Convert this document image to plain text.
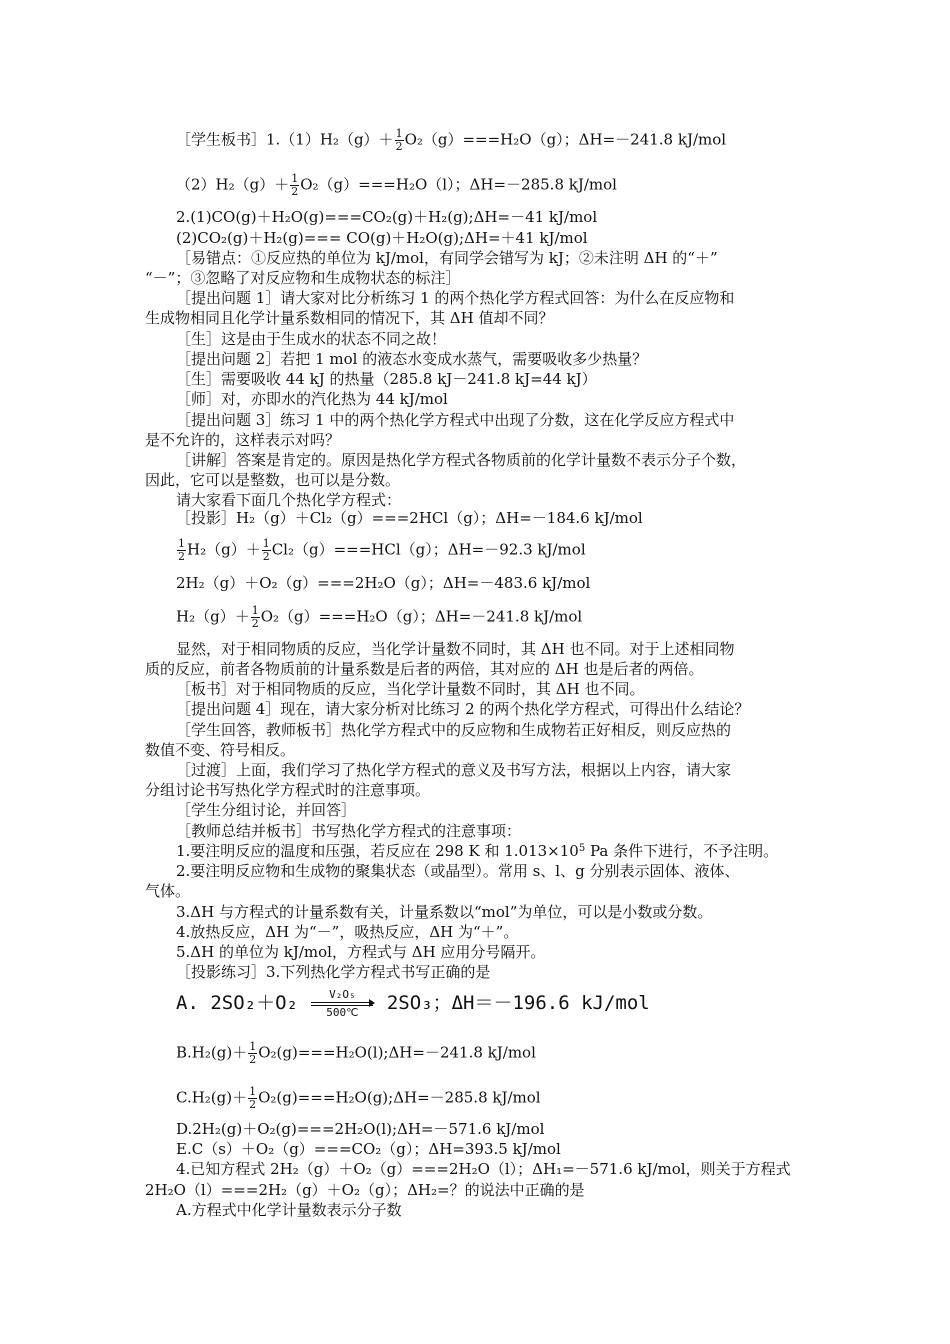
［学生板书］1.（1）H₂（g）＋ $\frac{1}{2} O_2(g)===H_2O(g)$；ΔH=－241.8 kJ/mol
$(2)H_2(g)+ \frac{1}{2} O_2(g)===H_2O(l)$；ΔH=－285.8 kJ/mol
2.(1)CO(g)＋H₂O(g)===CO₂(g)＋H₂(g);ΔH=－41 kJ/mol
(2)CO₂(g)＋H₂(g)=== CO(g)＋H₂O(g);ΔH=＋41 kJ/mol
［易错点：①反应热的单位为 kJ/mol，有同学会错写为 kJ；②未注明 ΔH 的“＋”
“－”；③忽略了对反应物和生成物状态的标注］
［提出问题 1］请大家对比分析练习 1 的两个热化学方程式回答：为什么在反应物和
生成物相同且化学计量系数相同的情况下，其 ΔH 值却不同？
［生］这是由于生成水的状态不同之故！
［提出问题 2］若把 1 mol 的液态水变成水蒸气，需要吸收多少热量？
［生］需要吸收 44 kJ 的热量（285.8 kJ－241.8 kJ=44 kJ）
［师］对，亦即水的汽化热为 44 kJ/mol
［提出问题 3］练习 1 中的两个热化学方程式中出现了分数，这在化学反应方程式中
是不允许的，这样表示对吗？
［讲解］答案是肯定的。原因是热化学方程式各物质前的化学计量数不表示分子个数，
因此，它可以是整数，也可以是分数。
请大家看下面几个热化学方程式：
［投影］H₂（g）＋Cl₂（g）===2HCl（g）；ΔH=－184.6 kJ/mol
$\frac{1}{2} H_2(g)+ \frac{1}{2} Cl_2(g)===HCl(g)$；ΔH=－92.3 kJ/mol
2H₂（g）＋O₂（g）===2H₂O（g）；ΔH=－483.6 kJ/mol
$H_2(g)+ \frac{1}{2} O_2(g)===H_2O(g)$；ΔH=－241.8 kJ/mol
显然，对于相同物质的反应，当化学计量数不同时，其 ΔH 也不同。对于上述相同物
质的反应，前者各物质前的计量系数是后者的两倍，其对应的 ΔH 也是后者的两倍。
［板书］对于相同物质的反应，当化学计量数不同时，其 ΔH 也不同。
［提出问题 4］现在，请大家分析对比练习 2 的两个热化学方程式，可得出什么结论？
［学生回答，教师板书］热化学方程式中的反应物和生成物若正好相反，则反应热的
数值不变、符号相反。
［过渡］上面，我们学习了热化学方程式的意义及书写方法，根据以上内容，请大家
分组讨论书写热化学方程式时的注意事项。
［学生分组讨论，并回答］
［教师总结并板书］书写热化学方程式的注意事项：
1.要注明反应的温度和压强，若反应在 298 K 和 $1.013\times 10^5$ Pa 条件下进行，不予注明。
2.要注明反应物和生成物的聚集状态（或晶型）。常用 s、l、g 分别表示固体、液体、
气体。
3.ΔH 与方程式的计量系数有关，计量系数以“mol”为单位，可以是小数或分数。
4.放热反应，ΔH 为“－”，吸热反应，ΔH 为“＋”。
5.ΔH 的单位为 kJ/mol，方程式与 ΔH 应用分号隔开。
［投影练习］3.下列热化学方程式书写正确的是
A. $2SO_2+O_2 \frac{\text{V₂O₅}}{500℃} 2SO_3$；ΔH＝－196.6 kJ/mol
$B.H_2(g)+ \frac{1}{2}$ O₂(g)===H₂O(l);ΔH=－241.8 kJ/mol
$C.H_2(g)+ \frac{1}{2}$ O₂(g)===H₂O(g);ΔH=－285.8 kJ/mol
D.2H₂(g)＋O₂(g)===2H₂O(l);ΔH=－571.6 kJ/mol
E.C（s）＋O₂（g）===CO₂（g）；ΔH=393.5 kJ/mol
4.已知方程式 2H₂（g）＋O₂（g）===2H₂O（l）；ΔH₁=－571.6 kJ/mol，则关于方程式
2H₂O（l）===2H₂（g）＋O₂（g）；ΔH₂=？的说法中正确的是
A.方程式中化学计量数表示分子数
